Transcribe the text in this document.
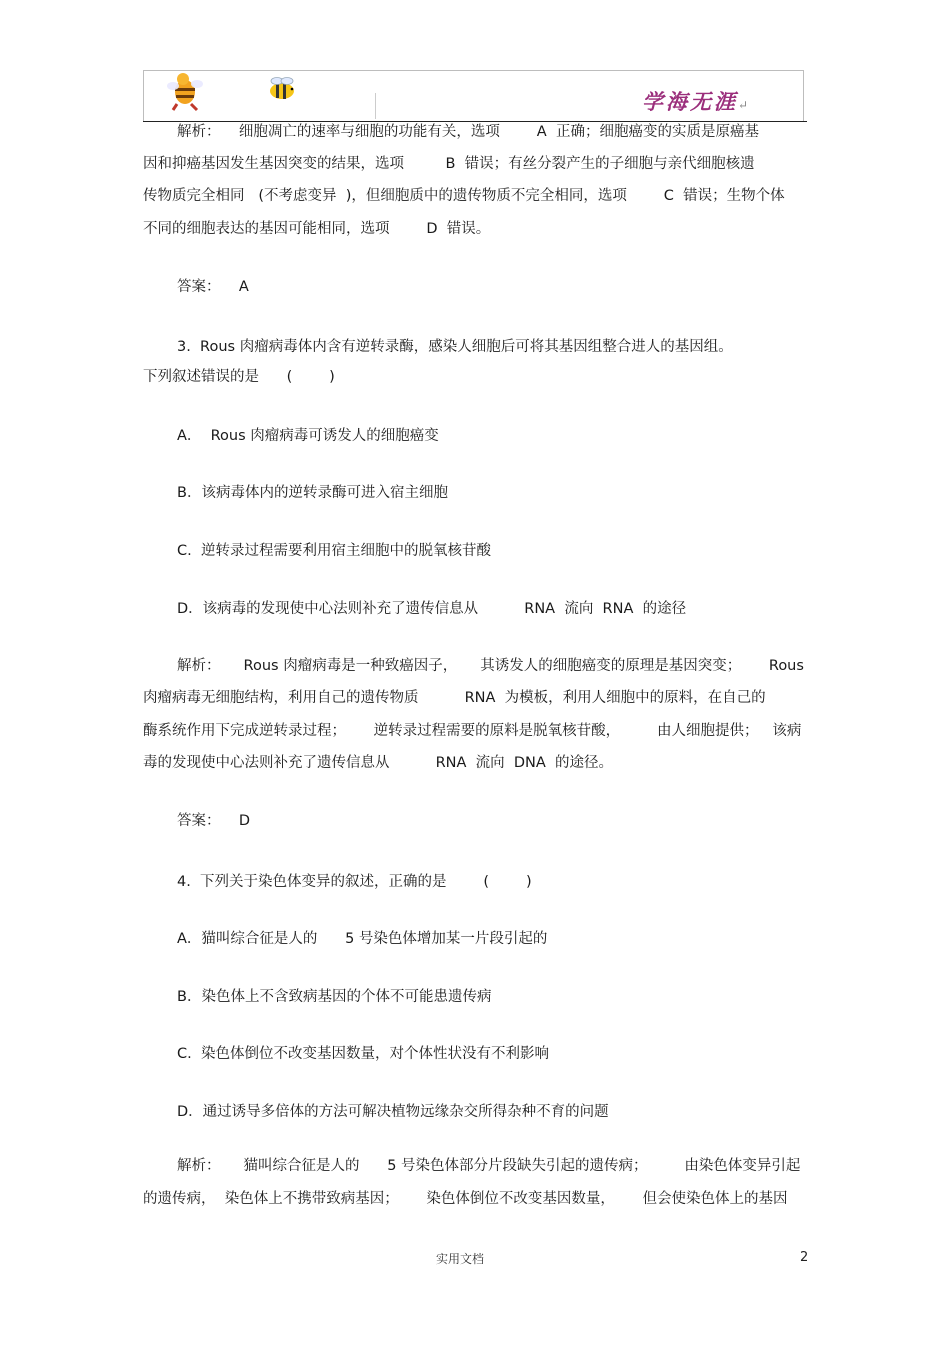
学海无涯↵
解析：    细胞凋亡的速率与细胞的功能有关，选项        A  正确；细胞癌变的实质是原癌基
因和抑癌基因发生基因突变的结果，选项         B  错误；有丝分裂产生的子细胞与亲代细胞核遗
传物质完全相同   (不考虑变异  )，但细胞质中的遗传物质不完全相同，选项        C  错误；生物个体
不同的细胞表达的基因可能相同，选项        D  错误。
答案：    A
3.  Rous 肉瘤病毒体内含有逆转录酶，感染人细胞后可将其基因组整合进人的基因组。
下列叙述错误的是      (        )
A．  Rous 肉瘤病毒可诱发人的细胞癌变
B．该病毒体内的逆转录酶可进入宿主细胞
C.  逆转录过程需要利用宿主细胞中的脱氧核苷酸
D．该病毒的发现使中心法则补充了遗传信息从          RNA  流向  RNA  的途径
解析：     Rous 肉瘤病毒是一种致癌因子，     其诱发人的细胞癌变的原理是基因突变；      Rous
肉瘤病毒无细胞结构，利用自己的遗传物质          RNA  为模板，利用人细胞中的原料，在自己的
酶系统作用下完成逆转录过程；      逆转录过程需要的原料是脱氧核苷酸，        由人细胞提供；   该病
毒的发现使中心法则补充了遗传信息从          RNA  流向  DNA  的途径。
答案：    D
4.  下列关于染色体变异的叙述，正确的是        (        )
A．猫叫综合征是人的      5 号染色体增加某一片段引起的
B．染色体上不含致病基因的个体不可能患遗传病
C.  染色体倒位不改变基因数量，对个体性状没有不利影响
D．通过诱导多倍体的方法可解决植物远缘杂交所得杂种不育的问题
解析：     猫叫综合征是人的      5 号染色体部分片段缺失引起的遗传病；        由染色体变异引起
的遗传病，  染色体上不携带致病基因；      染色体倒位不改变基因数量，      但会使染色体上的基因
实用文档	2
